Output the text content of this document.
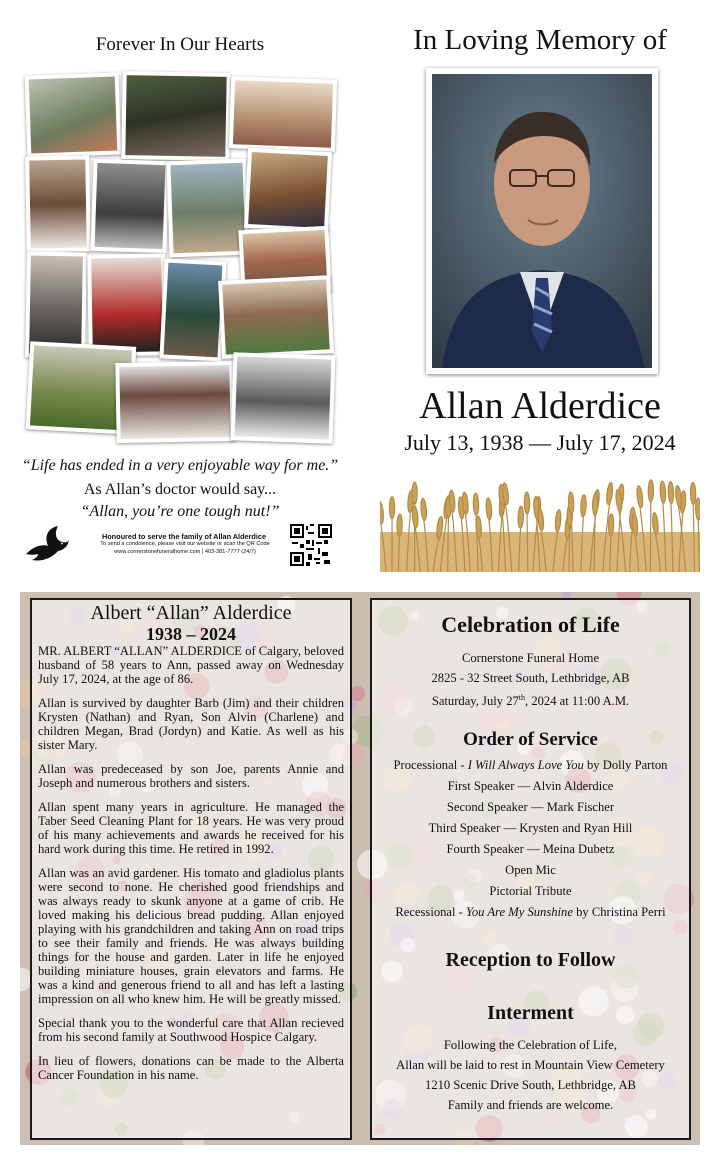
Forever In Our Hearts
“Life has ended in a very enjoyable way for me.”
As Allan’s doctor would say...
“Allan, you’re one tough nut!”
Honoured to serve the family of Allan Alderdice
To send a condolence, please visit our website or scan the QR Code
www.cornerstonefuneralhome.com | 403-381-7777 (24/7)
In Loving Memory of
Allan Alderdice
July 13, 1938 — July 17, 2024
Albert “Allan” Alderdice
1938 – 2024

MR. ALBERT “ALLAN” ALDERDICE of Calgary, beloved husband of 58 years to Ann, passed away on Wednesday July 17, 2024, at the age of 86.

Allan is survived by daughter Barb (Jim) and their children Krysten (Nathan) and Ryan, Son Alvin (Charlene) and children Megan, Brad (Jordyn) and Katie. As well as his sister Mary.

Allan was predeceased by son Joe, parents Annie and Joseph and numerous brothers and sisters.

Allan spent many years in agriculture. He managed the Taber Seed Cleaning Plant for 18 years. He was very proud of his many achievements and awards he received for his hard work during this time. He retired in 1992.

Allan was an avid gardener. His tomato and gladiolus plants were second to none. He cherished good friendships and was always ready to skunk anyone at a game of crib. He loved making his delicious bread pudding. Allan enjoyed playing with his grandchildren and taking Ann on road trips to see their family and friends. He was always building things for the house and garden. Later in life he enjoyed building miniature houses, grain elevators and farms. He was a kind and generous friend to all and has left a lasting impression on all who knew him. He will be greatly missed.

Special thank you to the wonderful care that Allan recieved from his second family at Southwood Hospice Calgary.

In lieu of flowers, donations can be made to the Alberta Cancer Foundation in his name.

Celebration of Life
Cornerstone Funeral Home
2825 - 32 Street South, Lethbridge, AB
Saturday, July 27th, 2024 at 11:00 A.M.
Order of Service
Processional - I Will Always Love You by Dolly Parton
First Speaker — Alvin Alderdice
Second Speaker — Mark Fischer
Third Speaker — Krysten and Ryan Hill
Fourth Speaker — Meina Dubetz
Open Mic
Pictorial Tribute
Recessional - You Are My Sunshine by Christina Perri
Reception to Follow
Interment
Following the Celebration of Life,
Allan will be laid to rest in Mountain View Cemetery
1210 Scenic Drive South, Lethbridge, AB
Family and friends are welcome.
